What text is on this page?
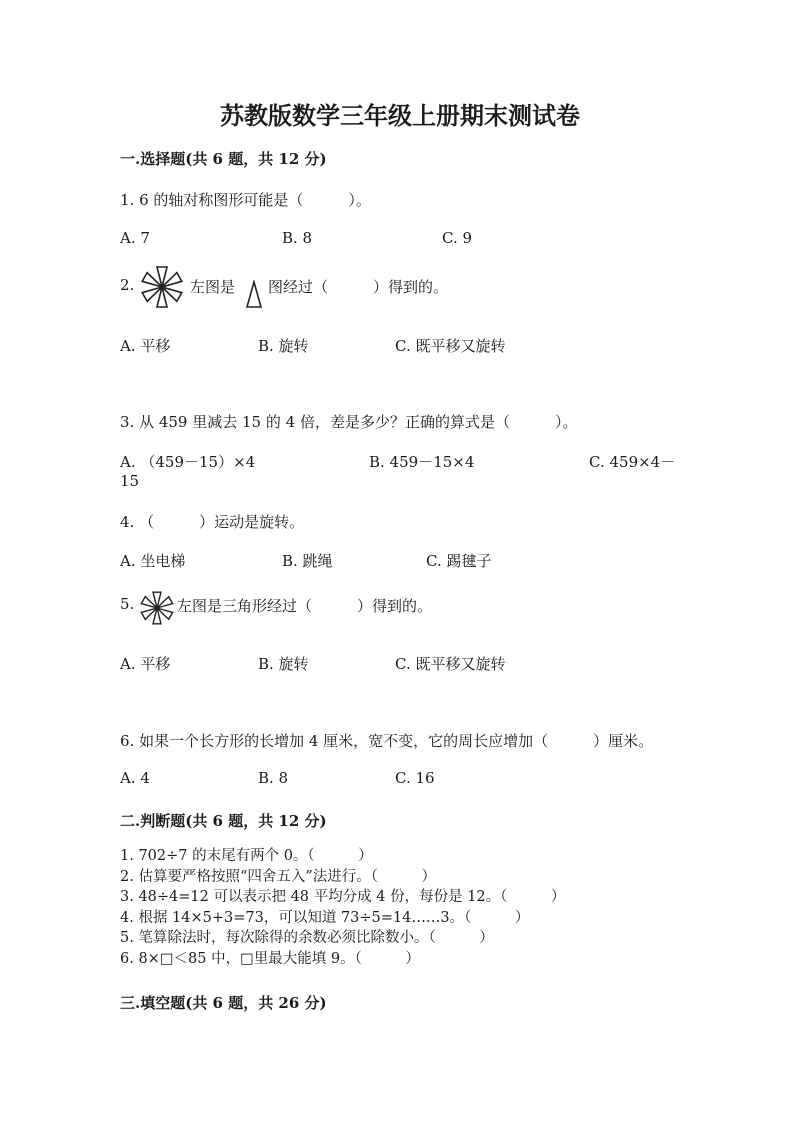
苏教版数学三年级上册期末测试卷
一.选择题(共 6 题，共 12 分)
1. 6 的轴对称图形可能是（　　　）。
A. 7	B. 8	C. 9
2.	左图是 图经过（　　　）得到的。
A. 平移	B. 旋转	C. 既平移又旋转
3. 从 459 里减去 15 的 4 倍，差是多少？正确的算式是（　　　）。
A. （459－15）×4	B. 459－15×4	C. 459×4－
15
4. （　　　）运动是旋转。
A. 坐电梯	B. 跳绳	C. 踢毽子
5.	左图是三角形经过（　　　）得到的。
A. 平移	B. 旋转	C. 既平移又旋转
6. 如果一个长方形的长增加 4 厘米，宽不变，它的周长应增加（　　　）厘米。
A. 4	B. 8	C. 16
二.判断题(共 6 题，共 12 分)
1. 702÷7 的末尾有两个 0。（　　　）
2. 估算要严格按照“四舍五入”法进行。（　　　）
3. 48÷4=12 可以表示把 48 平均分成 4 份，每份是 12。（　　　）
4. 根据 14×5+3=73，可以知道 73÷5=14……3。（　　　）
5. 笔算除法时，每次除得的余数必须比除数小。（　　　）
6. 8×□＜85 中，□里最大能填 9。（　　　）
三.填空题(共 6 题，共 26 分)
